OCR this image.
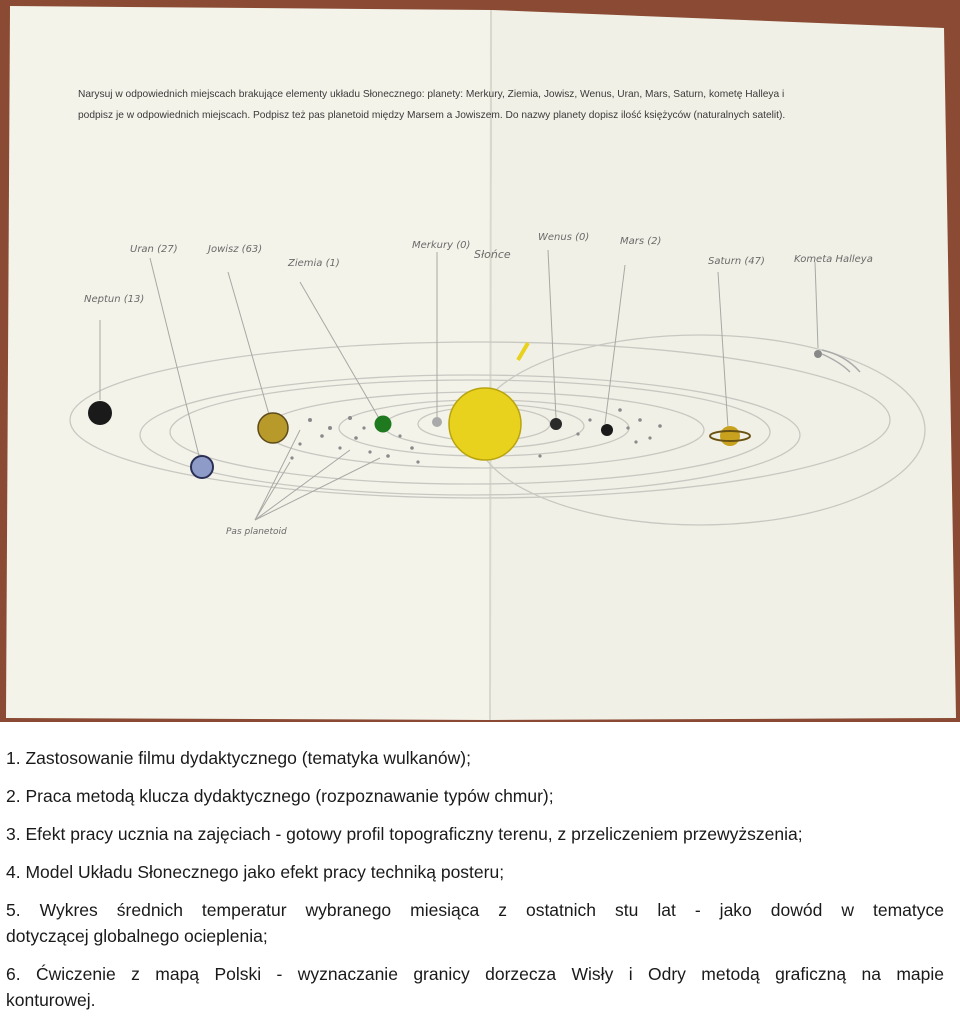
Narysuj w odpowiednich miejscach brakujące elementy układu Słonecznego: planety: Merkury, Ziemia, Jowisz, Wenus, Uran, Mars, Saturn, kometę Halleya i
podpisz je w odpowiednich miejscach. Podpisz też pas planetoid między Marsem a Jowiszem. Do nazwy planety dopisz ilość księżyców (naturalnych satelit).
Neptun (13)
Uran (27)	Jowisz (63)
Ziemia (1)
Merkury (0)
Słońce
Wenus (0)	Mars (2)
Saturn (47)	Kometa Halleya
Pas planetoid

1. Zastosowanie filmu dydaktycznego (tematyka wulkanów);

2. Praca metodą klucza dydaktycznego (rozpoznawanie typów chmur);

3. Efekt pracy ucznia na zajęciach - gotowy profil topograficzny terenu, z przeliczeniem przewyższenia;

4. Model Układu Słonecznego jako efekt pracy techniką posteru;

5. Wykres średnich temperatur wybranego miesiąca z ostatnich stu lat - jako dowód w tematyce

dotyczącej globalnego ocieplenia;

6. Ćwiczenie z mapą Polski - wyznaczanie granicy dorzecza Wisły i Odry metodą graficzną na mapie

konturowej.
